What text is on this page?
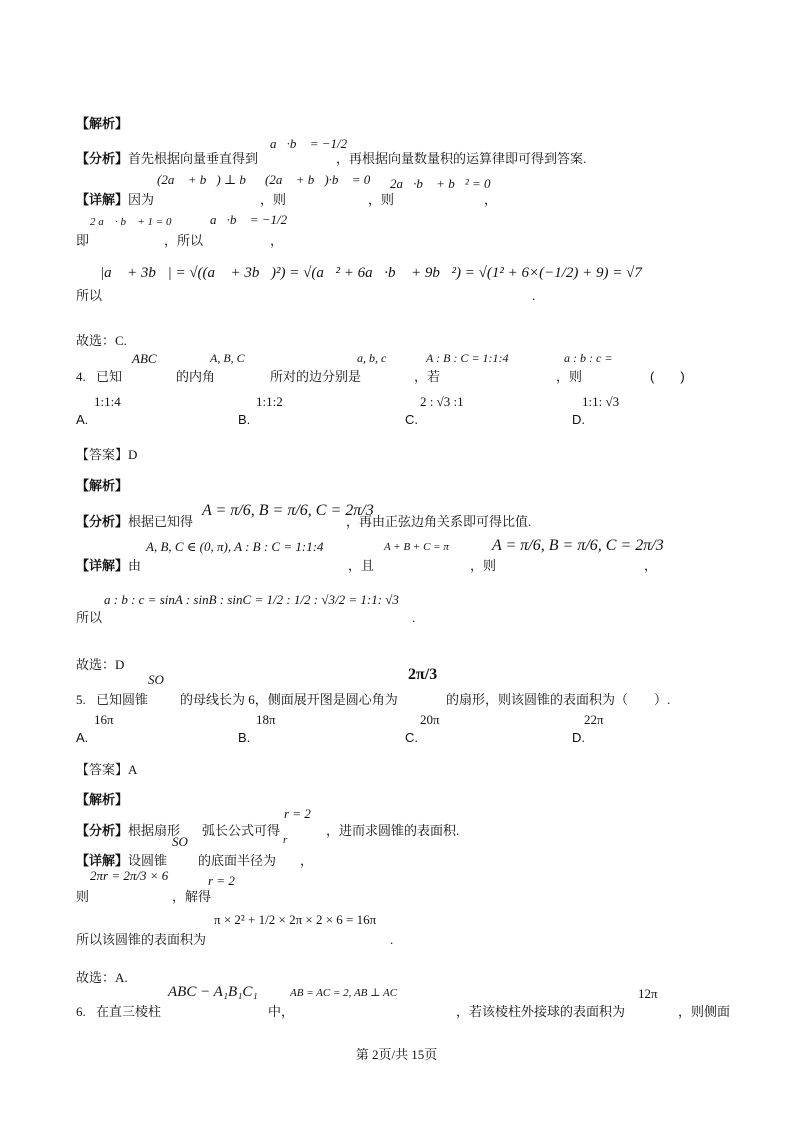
【解析】
a⃗·b⃗ = −1/2
【分析】首先根据向量垂直得到	，再根据向量数量积的运算律即可得到答案.
(2a⃗ + b⃗) ⊥ b⃗ (2a⃗ + b⃗)·b⃗ = 0 2a⃗·b⃗ + b⃗² = 0
【详解】因为	，则	，则	，
2 a⃗ · b⃗ + 1 = 0	a⃗·b⃗ = −1/2
即	，所以	，
|a⃗ + 3b⃗| = √((a⃗ + 3b⃗)²) = √(a⃗² + 6a⃗·b⃗ + 9b⃗²) = √(1² + 6×(−1/2) + 9) = √7
所以	.
故选：C.
ABC	A, B, C	a, b, c	A : B : C = 1:1:4	a : b : c =
4. 已知	的内角	所对的边分别是	，若	，则	(　　)
1:1:4	1:1:2	2 : √3 :1	1:1: √3
A.	B.	C.	D.
【答案】D
【解析】
A = π/6, B = π/6, C = 2π/3
【分析】根据已知得	，再由正弦边角关系即可得比值.
A, B, C ∈ (0, π), A : B : C = 1:1:4	A + B + C = π	A = π/6, B = π/6, C = 2π/3
【详解】由	，且	，则	，
a : b : c = sinA : sinB : sinC = 1/2 : 1/2 : √3/2 = 1:1: √3
所以	.
故选：D
SO	2π/3
5. 已知圆锥 的母线长为 6，侧面展开图是圆心角为	的扇形，则该圆锥的表面积为（　　）.
16π	18π	20π	22π
A.	B.	C.	D.
【答案】A
【解析】
r = 2
【分析】根据扇形 弧长公式可得	，进而求圆锥的表面积.
SO	r
【详解】设圆锥 的底面半径为 ，
2πr = 2π/3 × 6	r = 2
则	，解得
π × 2² + 1/2 × 2π × 2 × 6 = 16π
所以该圆锥的表面积为	.
故选：A.
ABC − A₁B₁C₁	AB = AC = 2, AB ⊥ AC	12π
6. 在直三棱柱	中，	，若该棱柱外接球的表面积为	，则侧面
第 2页/共 15页
